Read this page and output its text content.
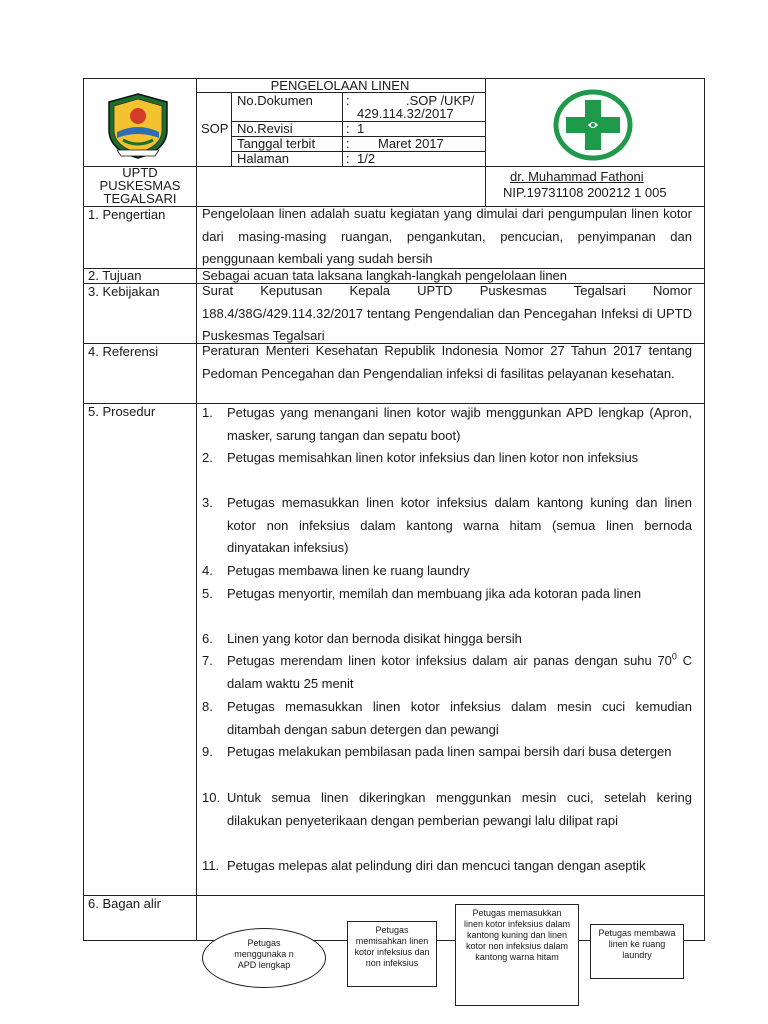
PENGELOLAAN LINEN
SOP
No.Dokumen	:	.SOP /UKP/
429.114.32/2017
No.Revisi	: 1
Tanggal terbit : Maret 2017
Halaman	: 1/2
UPTD
PUSKESMAS
TEGALSARI
dr. Muhammad Fathoni
NIP.19731108 200212 1 005
1. Pengertian	Pengelolaan linen adalah suatu kegiatan yang dimulai dari pengumpulan linen kotor dari masing-masing ruangan, pengankutan, pencucian, penyimpanan dan penggunaan kembali yang sudah bersih
2. Tujuan	Sebagai acuan tata laksana langkah-langkah pengelolaan linen
3. Kebijakan	Surat Keputusan Kepala UPTD Puskesmas Tegalsari Nomor 188.4/38G/429.114.32/2017 tentang Pengendalian dan Pencegahan Infeksi di UPTD Puskesmas Tegalsari
4. Referensi	Peraturan Menteri Kesehatan Republik Indonesia Nomor 27 Tahun 2017 tentang Pedoman Pencegahan dan Pengendalian infeksi di fasilitas pelayanan kesehatan.
5. Prosedur	1. Petugas yang menangani linen kotor wajib menggunkan APD lengkap (Apron, masker, sarung tangan dan sepatu boot)
2. Petugas memisahkan linen kotor infeksius dan linen kotor non infeksius
3. Petugas memasukkan linen kotor infeksius dalam kantong kuning dan linen kotor non infeksius dalam kantong warna hitam (semua linen bernoda dinyatakan infeksius)
4. Petugas membawa linen ke ruang laundry
5. Petugas menyortir, memilah dan membuang jika ada kotoran pada linen
6. Linen yang kotor dan bernoda disikat hingga bersih
7. Petugas merendam linen kotor infeksius dalam air panas dengan suhu $70^0$ C dalam waktu 25 menit
8. Petugas memasukkan linen kotor infeksius dalam mesin cuci kemudian ditambah dengan sabun detergen dan pewangi
9. Petugas melakukan pembilasan pada linen sampai bersih dari busa detergen
10. Untuk semua linen dikeringkan menggunkan mesin cuci, setelah kering dilakukan penyeterikaan dengan pemberian pewangi lalu dilipat rapi
11. Petugas melepas alat pelindung diri dan mencuci tangan dengan aseptik
6. Bagan alir
Petugas menggunaka n APD lengkap
Petugas memisahkan linen kotor infeksius dan non infeksius
Petugas memasukkan linen kotor infeksius dalam kantong kuning dan linen kotor non infeksius dalam kantong warna hitam
Petugas membawa linen ke ruang laundry
